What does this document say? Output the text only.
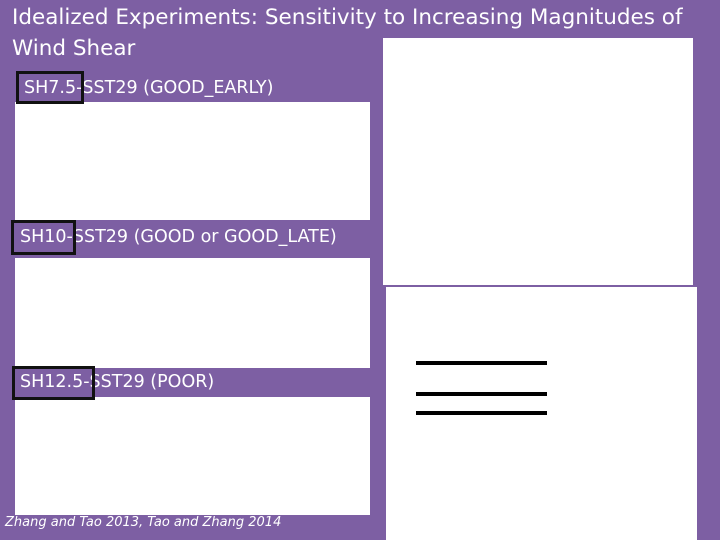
Idealized Experiments: Sensitivity to Increasing Magnitudes of Wind Shear
SH7.5-SST29 (GOOD_EARLY)
SH10-SST29 (GOOD or GOOD_LATE)
SH12.5-SST29 (POOR)
Zhang and Tao 2013, Tao and Zhang 2014
